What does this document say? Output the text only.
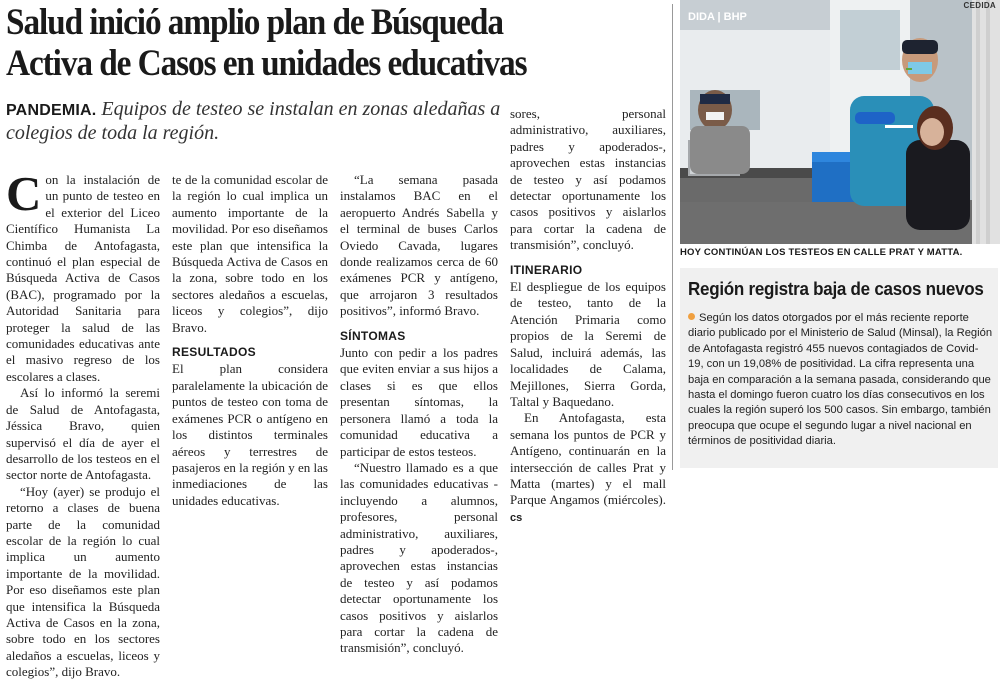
Salud inició amplio plan de Búsqueda
Activa de Casos en unidades educativas

PANDEMIA. Equipos de testeo se instalan en zonas aledañas a colegios de toda la región.

Con la instalación de un punto de testeo en el exterior del Liceo Científico Humanista La Chimba de Antofagasta, continuó el plan especial de Búsqueda Activa de Casos (BAC), programado por la Autoridad Sanitaria para proteger la salud de las comunidades educativas ante el masivo regreso de los escolares a clases.

Así lo informó la seremi de Salud de Antofagasta, Jéssica Bravo, quien supervisó el día de ayer el desarrollo de los testeos en el sector norte de Antofagasta.

“Hoy (ayer) se produjo el retorno a clases de buena parte de la comunidad escolar de la región lo cual implica un aumento importante de la movilidad. Por eso diseñamos este plan que intensifica la Búsqueda Activa de Casos en la zona, sobre todo en los sectores aledaños a escuelas, liceos y colegios”, dijo Bravo.

te de la comunidad escolar de la región lo cual implica un aumento importante de la movilidad. Por eso diseñamos este plan que intensifica la Búsqueda Activa de Casos en la zona, sobre todo en los sectores aledaños a escuelas, liceos y colegios”, dijo Bravo.

RESULTADOS

El plan considera paralelamente la ubicación de puntos de testeo con toma de exámenes PCR o antígeno en los distintos terminales aéreos y terrestres de pasajeros en la región y en las inmediaciones de las unidades educativas.

“La semana pasada instalamos BAC en el aeropuerto Andrés Sabella y el terminal de buses Carlos Oviedo Cavada, lugares donde realizamos cerca de 60 exámenes PCR y antígeno, que arrojaron 3 resultados positivos”, informó Bravo.

SÍNTOMAS

Junto con pedir a los padres que eviten enviar a sus hijos a clases si es que ellos presentan síntomas, la personera llamó a toda la comunidad educativa a participar de estos testeos.

“Nuestro llamado es a que las comunidades educativas -incluyendo a alumnos, profesores, personal administrativo, auxiliares, padres y apoderados-, aprovechen estas instancias de testeo y así podamos detectar oportunamente los casos positivos y aislarlos para cortar la cadena de transmisión”, concluyó.

sores, personal administrativo, auxiliares, padres y apoderados-, aprovechen estas instancias de testeo y así podamos detectar oportunamente los casos positivos y aislarlos para cortar la cadena de transmisión”, concluyó.

ITINERARIO

El despliegue de los equipos de testeo, tanto de la Atención Primaria como propios de la Seremi de Salud, incluirá además, las localidades de Calama, Mejillones, Sierra Gorda, Taltal y Baquedano.

En Antofagasta, esta semana los puntos de PCR y Antígeno, continuarán en la intersección de calles Prat y Matta (martes) y el mall Parque Angamos (miércoles). cs

DIDA | BHP
CEDIDA

HOY CONTINÚAN LOS TESTEOS EN CALLE PRAT Y MATTA.

Región registra baja de casos nuevos

Según los datos otorgados por el más reciente reporte diario publicado por el Ministerio de Salud (Minsal), la Región de Antofagasta registró 455 nuevos contagiados de Covid-19, con un 19,08% de positividad. La cifra representa una baja en comparación a la semana pasada, considerando que hasta el domingo fueron cuatro los días consecutivos en los cuales la región superó los 500 casos. Sin embargo, también preocupa que ocupe el segundo lugar a nivel nacional en términos de positividad diaria.
